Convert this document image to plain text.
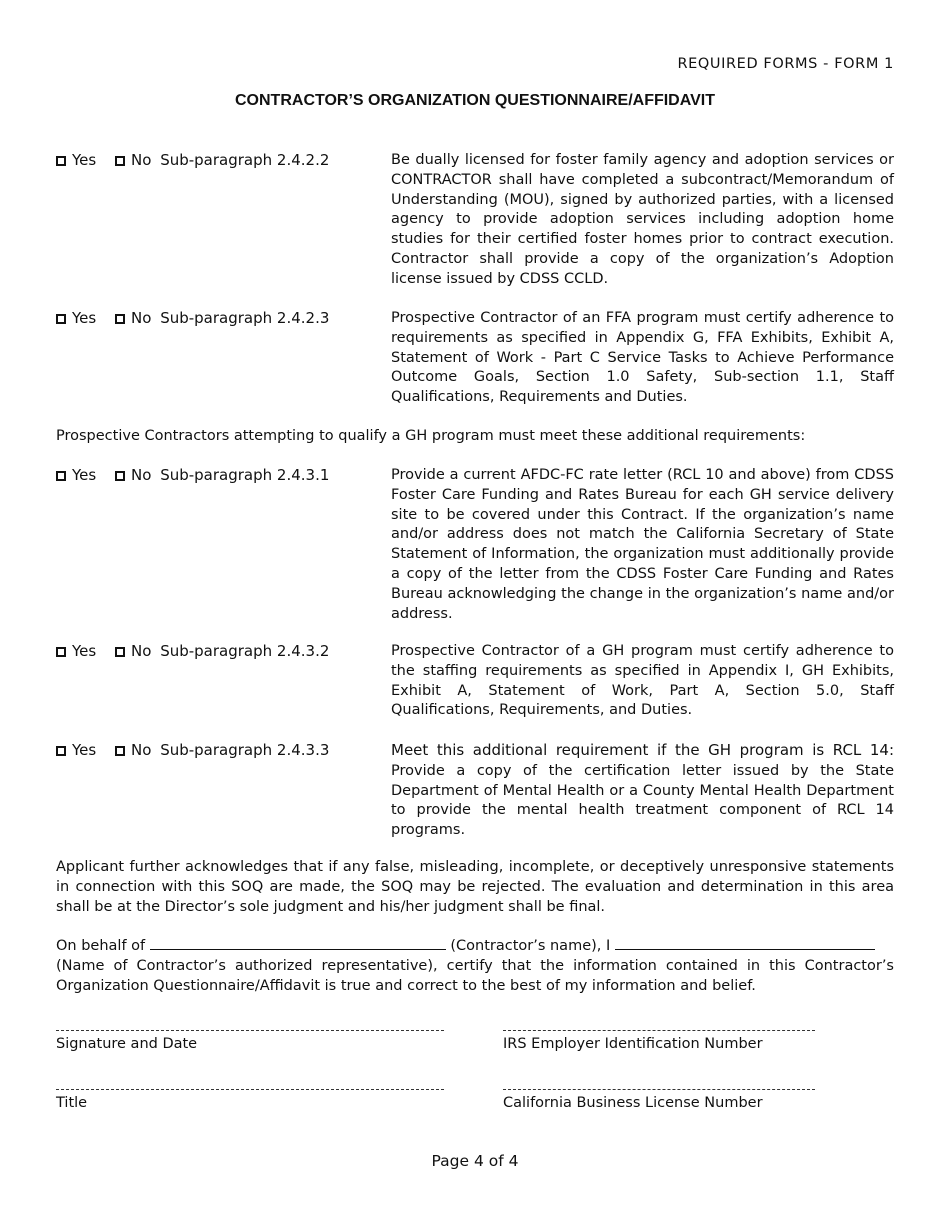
REQUIRED FORMS - FORM 1
CONTRACTOR’S ORGANIZATION QUESTIONNAIRE/AFFIDAVIT
Yes No Sub-paragraph 2.4.2.2	Be dually licensed for foster family agency and adoption services or CONTRACTOR shall have completed a subcontract/Memorandum of Understanding (MOU), signed by authorized parties, with a licensed agency to provide adoption services including adoption home studies for their certified foster homes prior to contract execution. Contractor shall provide a copy of the organization’s Adoption license issued by CDSS CCLD.
Yes No Sub-paragraph 2.4.2.3	Prospective Contractor of an FFA program must certify adherence to requirements as specified in Appendix G, FFA Exhibits, Exhibit A, Statement of Work - Part C Service Tasks to Achieve Performance Outcome Goals, Section 1.0 Safety, Sub-section 1.1, Staff Qualifications, Requirements and Duties.
Prospective Contractors attempting to qualify a GH program must meet these additional requirements:
Yes No Sub-paragraph 2.4.3.1	Provide a current AFDC-FC rate letter (RCL 10 and above) from CDSS Foster Care Funding and Rates Bureau for each GH service delivery site to be covered under this Contract. If the organization’s name and/or address does not match the California Secretary of State Statement of Information, the organization must additionally provide a copy of the letter from the CDSS Foster Care Funding and Rates Bureau acknowledging the change in the organization’s name and/or address.
Yes No Sub-paragraph 2.4.3.2	Prospective Contractor of a GH program must certify adherence to the staffing requirements as specified in Appendix I, GH Exhibits, Exhibit A, Statement of Work, Part A, Section 5.0, Staff Qualifications, Requirements, and Duties.
Yes No Sub-paragraph 2.4.3.3	Meet this additional requirement if the GH program is RCL 14: Provide a copy of the certification letter issued by the State Department of Mental Health or a County Mental Health Department to provide the mental health treatment component of RCL 14 programs.
Applicant further acknowledges that if any false, misleading, incomplete, or deceptively unresponsive statements in connection with this SOQ are made, the SOQ may be rejected. The evaluation and determination in this area shall be at the Director’s sole judgment and his/her judgment shall be final.
On behalf of	(Contractor’s name), I
(Name of Contractor’s authorized representative), certify that the information contained in this Contractor’s Organization Questionnaire/Affidavit is true and correct to the best of my information and belief.
Signature and Date	IRS Employer Identification Number
Title	California Business License Number
Page 4 of 4
